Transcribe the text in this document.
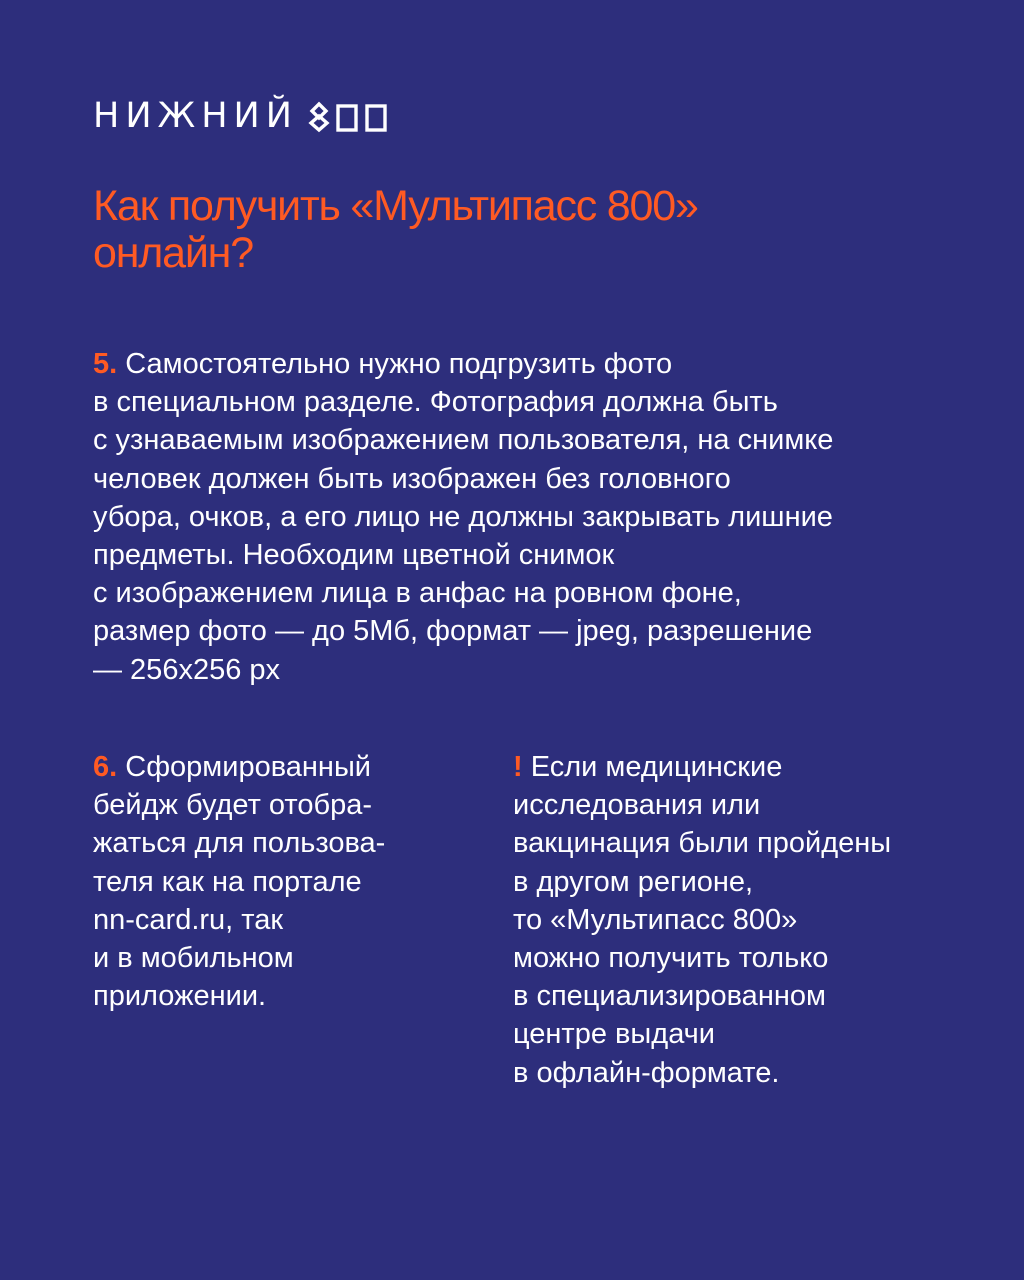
НИЖНИЙ
Как получить «Мультипасс 800»
онлайн?

5. Самостоятельно нужно подгрузить фото
в специальном разделе. Фотография должна быть
с узнаваемым изображением пользователя, на снимке
человек должен быть изображен без головного
убора, очков, а его лицо не должны закрывать лишние
предметы. Необходим цветной снимок
с изображением лица в анфас на ровном фоне,
размер фото — до 5Мб, формат — jpeg, разрешение
— 256x256 px

6. Сформированный
бейдж будет отобра-
жаться для пользова-
теля как на портале
nn-card.ru, так
и в мобильном
приложении.

! Если медицинские
исследования или
вакцинация были пройдены
в другом регионе,
то «Мультипасс 800»
можно получить только
в специализированном
центре выдачи
в офлайн-формате.
